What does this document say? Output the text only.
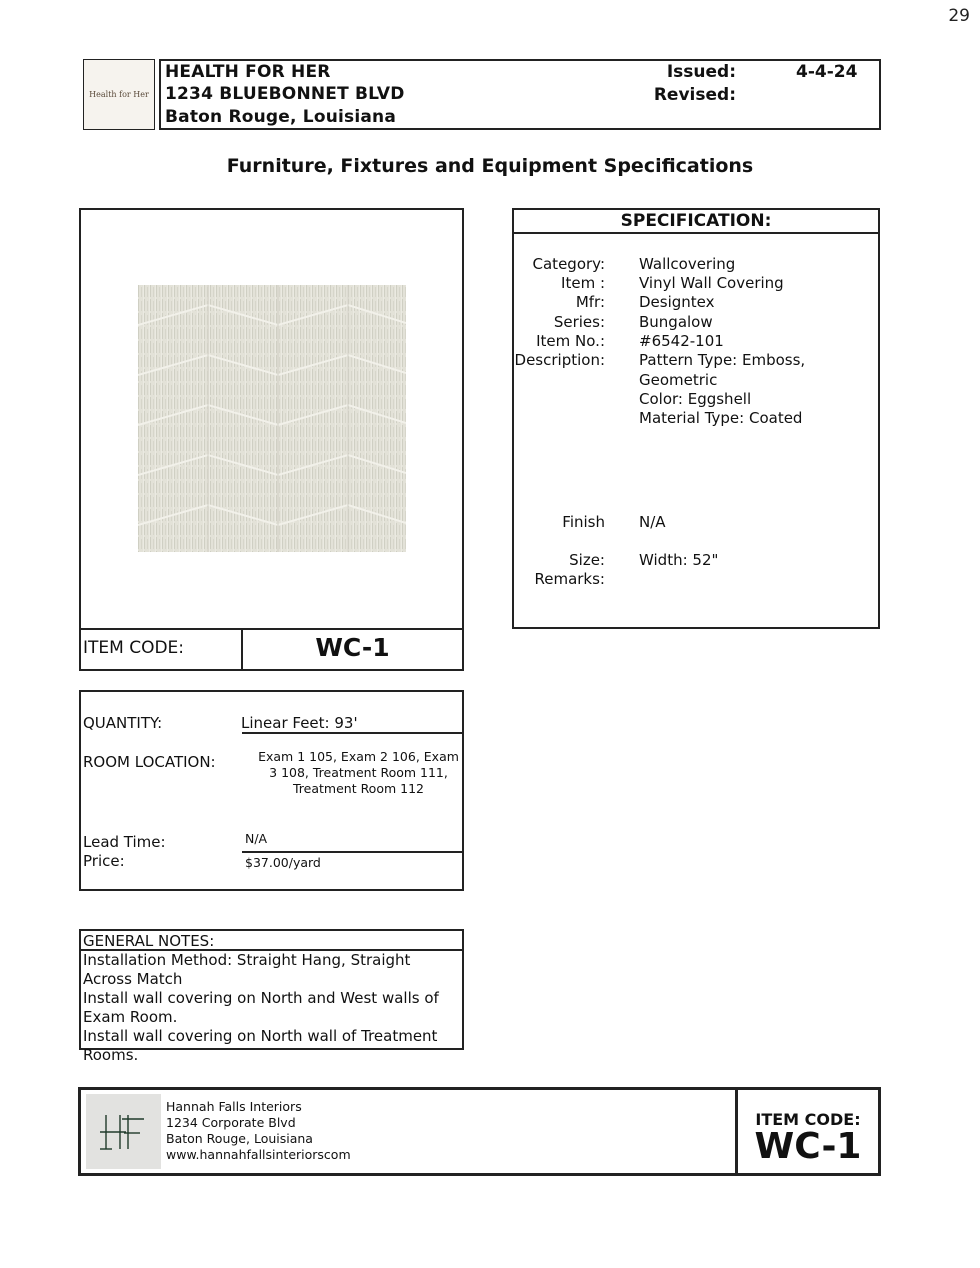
29
Health for Her
HEALTH FOR HER
1234 BLUEBONNET BLVD
Baton Rouge, Louisiana
Issued:	4-4-24
Revised:
Furniture, Fixtures and Equipment Specifications
ITEM CODE:	WC-1
SPECIFICATION:
Category: Wallcovering
Item : Vinyl Wall Covering
Mfr: Designtex
Series: Bungalow
Item No.: #6542-101
Description: Pattern Type: Emboss,
Geometric
Color: Eggshell
Material Type: Coated
Finish N/A
Size: Width: 52"
Remarks:
QUANTITY:	Linear Feet: 93'
ROOM LOCATION:	Exam 1 105, Exam 2 106, Exam 3 108, Treatment Room 111, Treatment Room 112
Lead Time:	N/A
Price:	$37.00/yard
GENERAL NOTES:
Installation Method: Straight Hang, Straight Across Match
Install wall covering on North and West walls of Exam Room.
Install wall covering on North wall of Treatment Rooms.
Hannah Falls Interiors
1234 Corporate Blvd
Baton Rouge, Louisiana
www.hannahfallsinteriorscom
ITEM CODE:
WC-1
